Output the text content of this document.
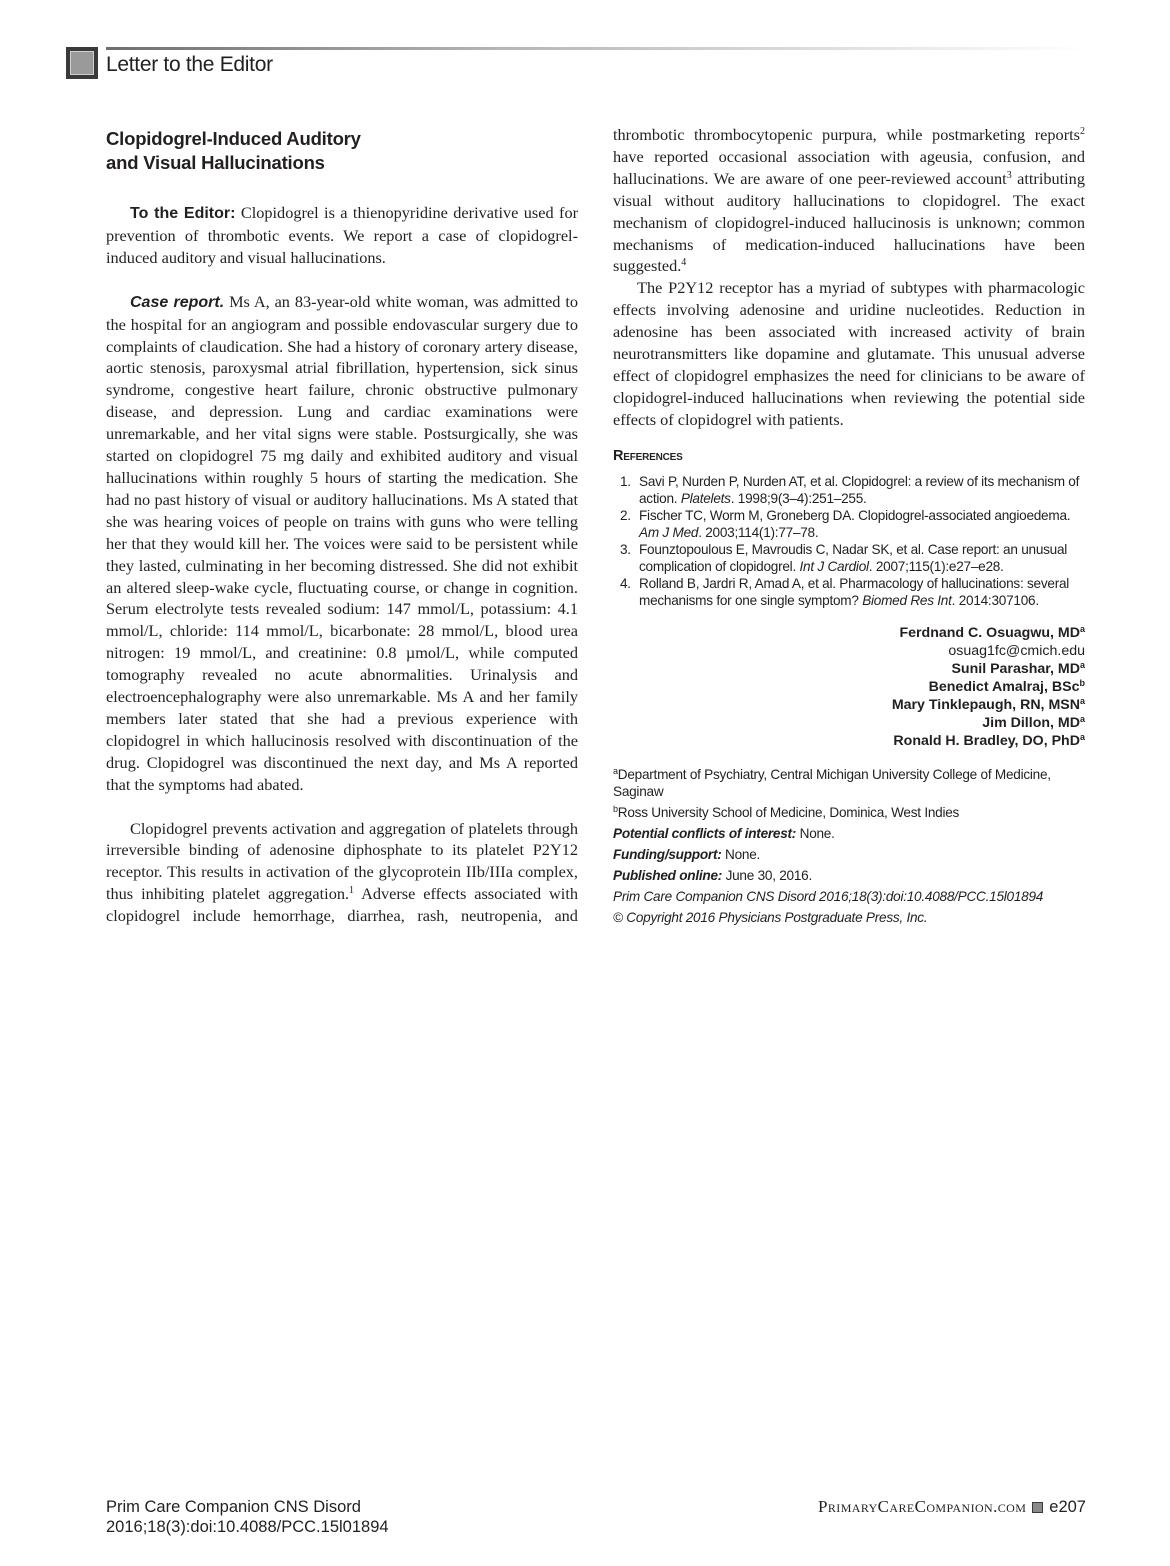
Letter to the Editor
Clopidogrel-Induced Auditory
and Visual Hallucinations

To the Editor: Clopidogrel is a thienopyridine derivative used for prevention of thrombotic events. We report a case of clopidogrel-induced auditory and visual hallucinations.

Case report. Ms A, an 83-year-old white woman, was admitted to the hospital for an angiogram and possible endovascular surgery due to complaints of claudication. She had a history of coronary artery disease, aortic stenosis, paroxysmal atrial fibrillation, hypertension, sick sinus syndrome, congestive heart failure, chronic obstructive pulmonary disease, and depression. Lung and cardiac examinations were unremarkable, and her vital signs were stable. Postsurgically, she was started on clopidogrel 75 mg daily and exhibited auditory and visual hallucinations within roughly 5 hours of starting the medication. She had no past history of visual or auditory hallucinations. Ms A stated that she was hearing voices of people on trains with guns who were telling her that they would kill her. The voices were said to be persistent while they lasted, culminating in her becoming distressed. She did not exhibit an altered sleep-wake cycle, fluctuating course, or change in cognition. Serum electrolyte tests revealed sodium: 147 mmol/L, potassium: 4.1 mmol/L, chloride: 114 mmol/L, bicarbonate: 28 mmol/L, blood urea nitrogen: 19 mmol/L, and creatinine: 0.8 µmol/L, while computed tomography revealed no acute abnormalities. Urinalysis and electroencephalography were also unremarkable. Ms A and her family members later stated that she had a previous experience with clopidogrel in which hallucinosis resolved with discontinuation of the drug. Clopidogrel was discontinued the next day, and Ms A reported that the symptoms had abated.

Clopidogrel prevents activation and aggregation of platelets through irreversible binding of adenosine diphosphate to its platelet P2Y12 receptor. This results in activation of the glycoprotein IIb/IIIa complex, thus inhibiting platelet aggregation.$^1$ Adverse effects associated with clopidogrel include hemorrhage, diarrhea, rash, neutropenia, and

thrombotic thrombocytopenic purpura, while postmarketing reports$^2$ have reported occasional association with ageusia, confusion, and hallucinations. We are aware of one peer-reviewed account$^3$ attributing visual without auditory hallucinations to clopidogrel. The exact mechanism of clopidogrel-induced hallucinosis is unknown; common mechanisms of medication-induced hallucinations have been suggested.$^4$

The P2Y12 receptor has a myriad of subtypes with pharmacologic effects involving adenosine and uridine nucleotides. Reduction in adenosine has been associated with increased activity of brain neurotransmitters like dopamine and glutamate. This unusual adverse effect of clopidogrel emphasizes the need for clinicians to be aware of clopidogrel-induced hallucinations when reviewing the potential side effects of clopidogrel with patients.

References
1. Savi P, Nurden P, Nurden AT, et al. Clopidogrel: a review of its mechanism of action. Platelets. 1998;9(3–4):251–255.
2. Fischer TC, Worm M, Groneberg DA. Clopidogrel-associated angioedema. Am J Med. 2003;114(1):77–78.
3. Founztopoulous E, Mavroudis C, Nadar SK, et al. Case report: an unusual complication of clopidogrel. Int J Cardiol. 2007;115(1):e27–e28.
4. Rolland B, Jardri R, Amad A, et al. Pharmacology of hallucinations: several mechanisms for one single symptom? Biomed Res Int. 2014:307106.
Ferdnand C. Osuagwu, $MD^a$
osuag1fc@cmich.edu
Sunil Parashar, $MD^a$
Benedict Amalraj, BSc$^b$
Mary Tinklepaugh, RN, MSN$^a$
Jim Dillon, $MD^a$
Ronald H. Bradley, DO, PhD$^a$
$^a$Department of Psychiatry, Central Michigan University College of Medicine, Saginaw
$^b$Ross University School of Medicine, Dominica, West Indies
Potential conflicts of interest: None.
Funding/support: None.
Published online: June 30, 2016.
Prim Care Companion CNS Disord 2016;18(3):doi:10.4088/PCC.15l01894
© Copyright 2016 Physicians Postgraduate Press, Inc.
Prim Care Companion CNS Disord
2016;18(3):doi:10.4088/PCC.15l01894
PrimaryCareCompanion.com e207
